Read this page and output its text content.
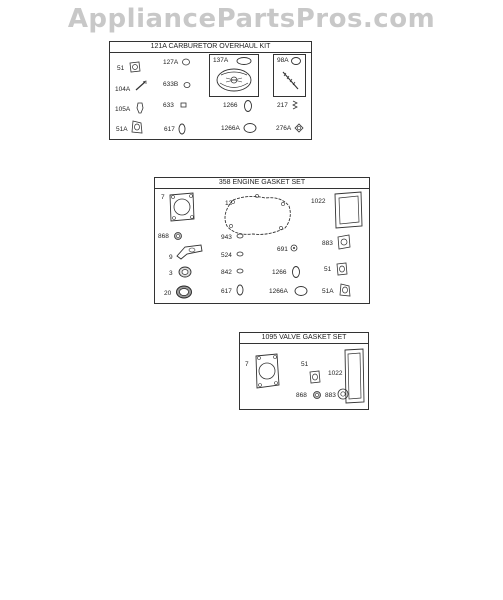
AppliancePartsPros.com
121A CARBURETOR OVERHAUL KIT
51
104A
105A
51A
127A
633B
633
617
137A
1266
1266A
98A
217
276A
358 ENGINE GASKET SET
7
868
9
3
20
12
943
524
842
617
691
1266
1266A
1022
883
51
51A
1095 VALVE GASKET SET
7	51
868
1022
883
